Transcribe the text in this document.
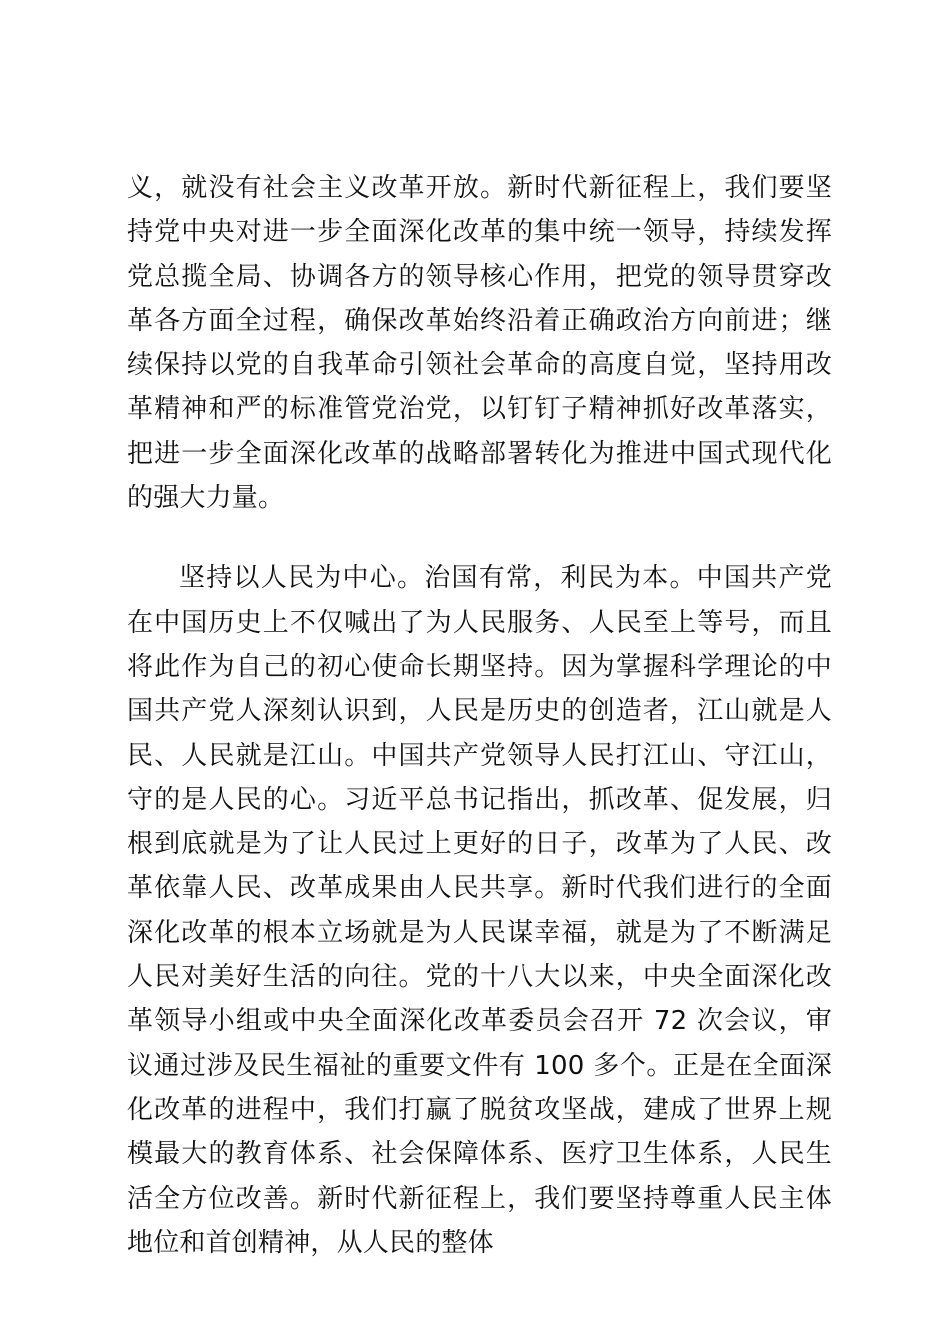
义，就没有社会主义改革开放。新时代新征程上，我们要坚持党中央对进一步全面深化改革的集中统一领导，持续发挥党总揽全局、协调各方的领导核心作用，把党的领导贯穿改革各方面全过程，确保改革始终沿着正确政治方向前进；继续保持以党的自我革命引领社会革命的高度自觉，坚持用改革精神和严的标准管党治党，以钉钉子精神抓好改革落实，把进一步全面深化改革的战略部署转化为推进中国式现代化的强大力量。

坚持以人民为中心。治国有常，利民为本。中国共产党在中国历史上不仅喊出了为人民服务、人民至上等号，而且将此作为自己的初心使命长期坚持。因为掌握科学理论的中国共产党人深刻认识到，人民是历史的创造者，江山就是人民、人民就是江山。中国共产党领导人民打江山、守江山，守的是人民的心。习近平总书记指出，抓改革、促发展，归根到底就是为了让人民过上更好的日子，改革为了人民、改革依靠人民、改革成果由人民共享。新时代我们进行的全面深化改革的根本立场就是为人民谋幸福，就是为了不断满足人民对美好生活的向往。党的十八大以来，中央全面深化改革领导小组或中央全面深化改革委员会召开 72 次会议，审议通过涉及民生福祉的重要文件有 100 多个。正是在全面深化改革的进程中，我们打赢了脱贫攻坚战，建成了世界上规模最大的教育体系、社会保障体系、医疗卫生体系，人民生活全方位改善。新时代新征程上，我们要坚持尊重人民主体地位和首创精神，从人民的整体
